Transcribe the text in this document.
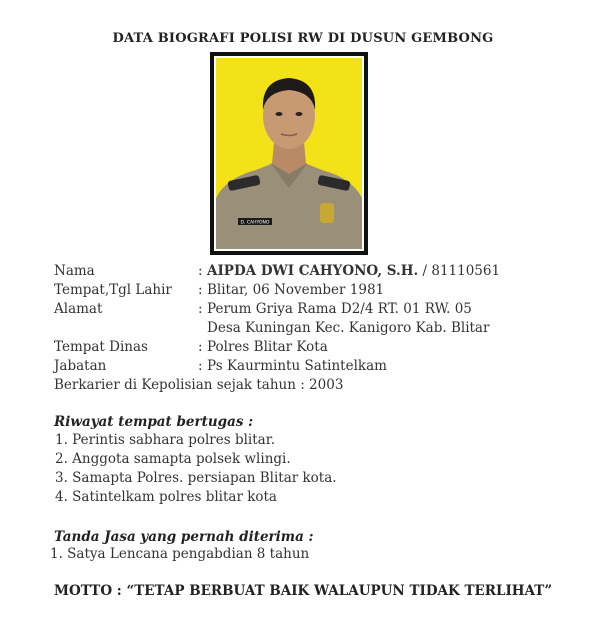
DATA BIOGRAFI POLISI RW DI DUSUN GEMBONG
D. CAHYONO
Nama	: AIPDA DWI CAHYONO, S.H. / 81110561
Tempat,Tgl Lahir : Blitar, 06 November 1981
Alamat	: Perum Griya Rama D2/4 RT. 01 RW. 05
Desa Kuningan Kec. Kanigoro Kab. Blitar
Tempat Dinas	: Polres Blitar Kota
Jabatan	: Ps Kaurmintu Satintelkam
Berkarier di Kepolisian sejak tahun : 2003
Riwayat tempat bertugas :
1. Perintis sabhara polres blitar.
2. Anggota samapta polsek wlingi.
3. Samapta Polres. persiapan Blitar kota.
4. Satintelkam polres blitar kota
Tanda Jasa yang pernah diterima :
1. Satya Lencana pengabdian 8 tahun
MOTTO : “TETAP BERBUAT BAIK WALAUPUN TIDAK TERLIHAT”
